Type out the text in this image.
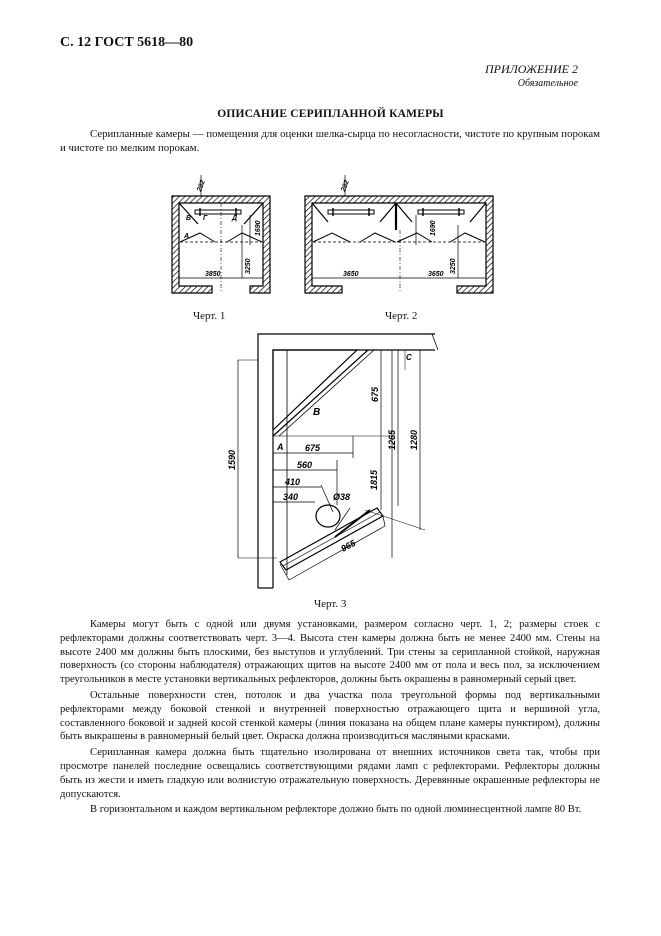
С. 12 ГОСТ 5618—80
ПРИЛОЖЕНИЕ 2
Обязательное
ОПИСАНИЕ СЕРИПЛАННОЙ КАМЕРЫ

Серипланные камеры — помещения для оценки шелка-сырца по несогласности, чистоте по крупным порокам и чистоте по мелким порокам.

282
3850
1690
3250
В Г	Д
А
282
3650	3650
1690
3250
Черт. 1	Черт. 2
В
А
С
675
675
560
410
340	Ø38
965
1590
1265 1280
1815
Черт. 3

Камеры могут быть с одной или двумя установками, размером согласно черт. 1, 2; размеры стоек с рефлекторами должны соответствовать черт. 3—4. Высота стен камеры должна быть не менее 2400 мм. Стены на высоте 2400 мм должны быть плоскими, без выступов и углублений. Три стены за серипланной стойкой, наружная поверхность (со стороны наблюдателя) отражающих щитов на высоте 2400 мм от пола и весь пол, за исключением треугольников в месте установки вертикальных рефлекторов, должны быть окрашены в равномерный серый цвет.

Остальные поверхности стен, потолок и два участка пола треугольной формы под вертикальными рефлекторами между боковой стенкой и внутренней поверхностью отражающего щита и вершиной угла, составленного боковой и задней косой стенкой камеры (линия показана на общем плане камеры пунктиром), должны быть выкрашены в равномерный белый цвет. Окраска должна производиться масляными красками.

Серипланная камера должна быть тщательно изолирована от внешних источников света так, чтобы при просмотре панелей последние освещались соответствующими рядами ламп с рефлекторами. Рефлекторы должны быть из жести и иметь гладкую или волнистую отражательную поверхность. Деревянные окрашенные рефлекторы не допускаются.

В горизонтальном и каждом вертикальном рефлекторе должно быть по одной люминесцентной лампе 80 Вт.
